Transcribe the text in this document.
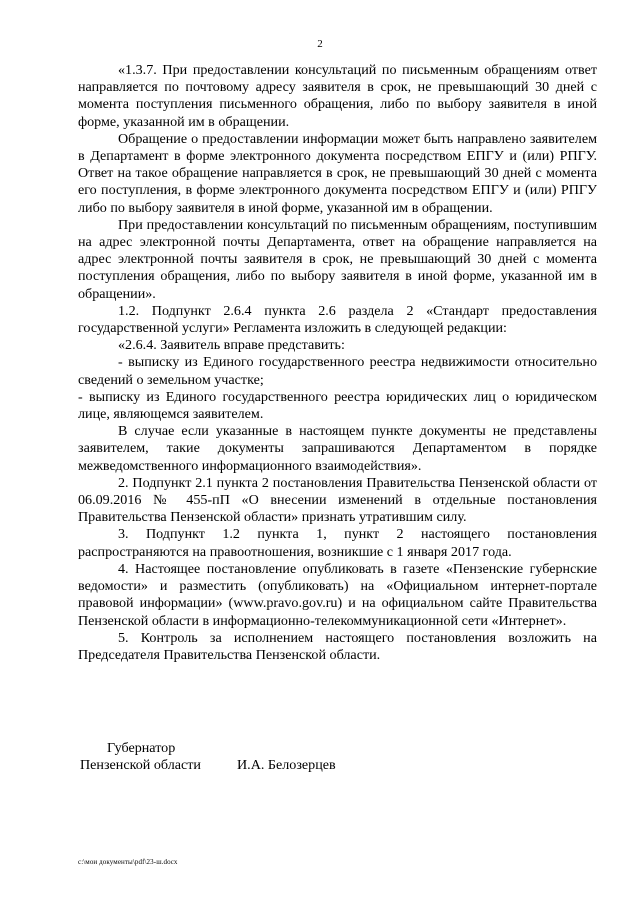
2

«1.3.7. При предоставлении консультаций по письменным обращениям ответ направляется по почтовому адресу заявителя в срок, не превышающий 30 дней с момента поступления письменного обращения, либо по выбору заявителя в иной форме, указанной им в обращении.

Обращение о предоставлении информации может быть направлено заявителем в Департамент в форме электронного документа посредством ЕПГУ и (или) РПГУ. Ответ на такое обращение направляется в срок, не превышающий 30 дней с момента его поступления, в форме электронного документа посредством ЕПГУ и (или) РПГУ либо по выбору заявителя в иной форме, указанной им в обращении.

При предоставлении консультаций по письменным обращениям, поступившим на адрес электронной почты Департамента, ответ на обращение направляется на адрес электронной почты заявителя в срок, не превышающий 30 дней с момента поступления обращения, либо по выбору заявителя в иной форме, указанной им в обращении».

1.2. Подпункт 2.6.4 пункта 2.6 раздела 2 «Стандарт предоставления государственной услуги» Регламента изложить в следующей редакции:

«2.6.4. Заявитель вправе представить:

- выписку из Единого государственного реестра недвижимости относительно сведений о земельном участке;

- выписку из Единого государственного реестра юридических лиц о юридическом лице, являющемся заявителем.

В случае если указанные в настоящем пункте документы не представлены заявителем, такие документы запрашиваются Департаментом в порядке межведомственного информационного взаимодействия».

2. Подпункт 2.1 пункта 2 постановления Правительства Пензенской области от 06.09.2016 № 455-пП «О внесении изменений в отдельные постановления Правительства Пензенской области» признать утратившим силу.

3. Подпункт 1.2 пункта 1, пункт 2 настоящего постановления распространяются на правоотношения, возникшие с 1 января 2017 года.

4. Настоящее постановление опубликовать в газете «Пензенские губернские ведомости» и разместить (опубликовать) на «Официальном интернет-портале правовой информации» (www.pravo.gov.ru) и на официальном сайте Правительства Пензенской области в информационно-телекоммуникационной сети «Интернет».

5. Контроль за исполнением настоящего постановления возложить на Председателя Правительства Пензенской области.

Губернатор
Пензенской области	И.А. Белозерцев
c:\мои документы\pdf\23-ш.docx
